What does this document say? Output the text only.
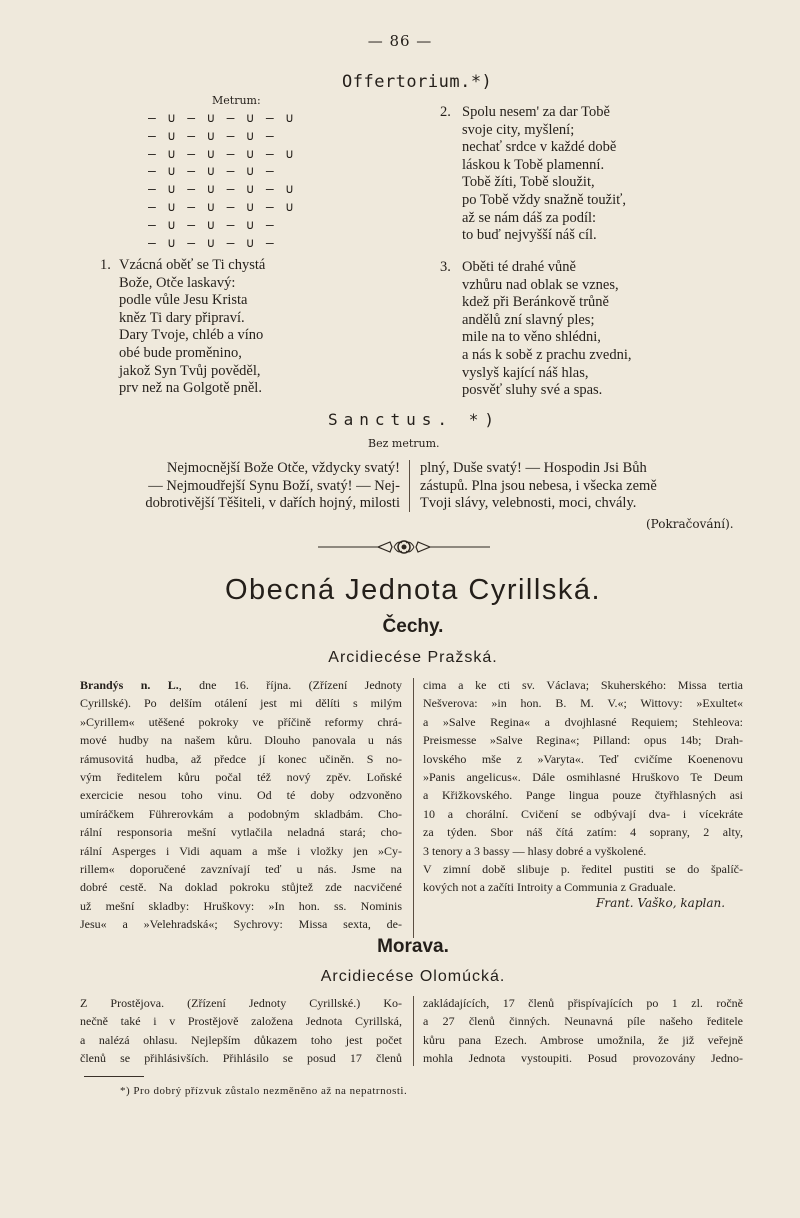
— 86 —
Offertorium.*)
Metrum:
— ∪ — ∪ — ∪ — ∪
— ∪ — ∪ — ∪ —
— ∪ — ∪ — ∪ — ∪
— ∪ — ∪ — ∪ —
— ∪ — ∪ — ∪ — ∪
— ∪ — ∪ — ∪ — ∪
— ∪ — ∪ — ∪ —
— ∪ — ∪ — ∪ —
1. Vzácná oběť se Ti chystá
Bože, Otče laskavý:
podle vůle Jesu Krista
kněz Ti dary připraví.
Dary Tvoje, chléb a víno
obé bude proměnino,
jakož Syn Tvůj pověděl,
prv než na Golgotě pněl.
2. Spolu nesem' za dar Tobě
svoje city, myšlení;
nechať srdce v každé době
láskou k Tobě plamenní.
Tobě žíti, Tobě sloužit,
po Tobě vždy snažně toužiť,
až se nám dáš za podíl:
to buď nejvyšší náš cíl.
3. Oběti té drahé vůně
vzhůru nad oblak se vznes,
kdež při Beránkově trůně
andělů zní slavný ples;
mile na to věno shlédni,
a nás k sobě z prachu zvedni,
vyslyš kající náš hlas,
posvěť sluhy své a spas.
Sanctus. *)
Bez metrum.
Nejmocnější Bože Otče, vždycky svatý!
— Nejmoudřejší Synu Boží, svatý! — Nej-
dobrotivější Těšiteli, v dařích hojný, milosti
plný, Duše svatý! — Hospodin Jsi Bůh
zástupů. Plna jsou nebesa, i všecka země
Tvoji slávy, velebnosti, moci, chvály.
(Pokračování).
Obecná Jednota Cyrillská.
Čechy.
Arcidiecése Pražská.
Brandýs n. L., dne 16. října. (Zřízení Jednoty
Cyrillské). Po delším otálení jest mi dělíti s milým
»Cyrillem« utěšené pokroky ve příčině reformy chrá-
mové hudby na našem kůru. Dlouho panovala u nás
rámusovitá hudba, až předce jí konec učiněn. S no-
vým ředitelem kůru počal též nový zpěv. Loňské
exercicie nesou toho vinu. Od té doby odzvoněno
umíráčkem Führerovkám a podobným skladbám. Cho-
rální responsoria mešní vytlačila neladná stará; cho-
rální Asperges i Vidi aquam a mše i vložky jen »Cy-
rillem« doporučené zavznívají teď u nás. Jsme na
dobré cestě. Na doklad pokroku stůjtež zde nacvičené
už mešní skladby: Hruškovy: »In hon. ss. Nominis
Jesu« a »Velehradská«; Sychrovy: Missa sexta, de-
cima a ke cti sv. Václava; Skuherského: Missa tertia
Nešverova: »in hon. B. M. V.«; Wittovy: »Exultet«
a »Salve Regina« a dvojhlasné Requiem; Stehleova:
Preismesse »Salve Regina«; Pilland: opus 14b; Drah-
lovského mše z »Varyta«. Teď cvičíme Koenenovu
»Panis angelicus«. Dále osmihlasné Hruškovo Te Deum
a Křižkovského. Pange lingua pouze čtyřhlasných asi
10 a chorální. Cvičení se odbývají dva- i vícekráte
za týden. Sbor náš čítá zatím: 4 soprany, 2 alty,
3 tenory a 3 bassy — hlasy dobré a vyškolené.
V zimní době slibuje p. ředitel pustiti se do špalíč-
kových not a začíti Introity a Communia z Graduale.
Frant. Vaško, kaplan.
Morava.
Arcidiecése Olomúcká.
Z Prostějova. (Zřízení Jednoty Cyrillské.) Ko-
nečně také i v Prostějově založena Jednota Cyrillská,
a nalézá ohlasu. Nejlepším důkazem toho jest počet
členů se přihlásivších. Přihlásilo se posud 17 členů
zakládajících, 17 členů přispívajících po 1 zl. ročně
a 27 členů činných. Neunavná píle našeho ředitele
kůru pana Ezech. Ambrose umožnila, že již veřejně
mohla Jednota vystoupiti. Posud provozovány Jedno-
*) Pro dobrý přízvuk zůstalo nezměněno až na nepatrnosti.
